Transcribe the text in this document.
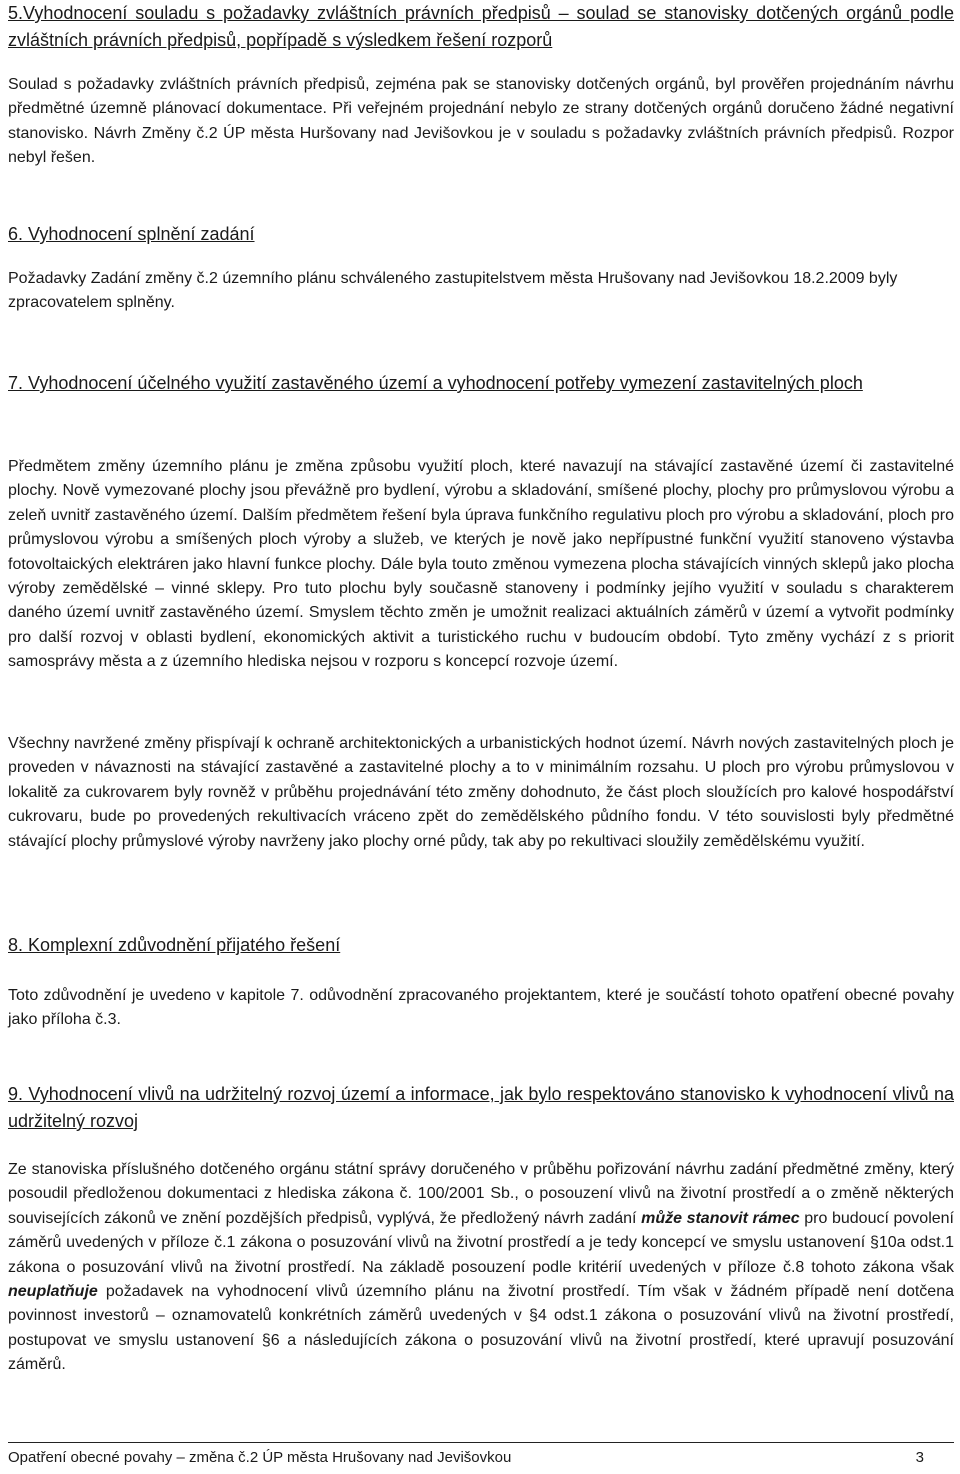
5.Vyhodnocení souladu s požadavky zvláštních právních předpisů – soulad se stanovisky dotčených orgánů podle zvláštních právních předpisů, popřípadě s výsledkem řešení rozporů

Soulad s požadavky zvláštních právních předpisů, zejména pak se stanovisky dotčených orgánů, byl prověřen projednáním návrhu předmětné územně plánovací dokumentace. Při veřejném projednání nebylo ze strany dotčených orgánů doručeno žádné negativní stanovisko. Návrh Změny č.2 ÚP města Huršovany nad Jevišovkou je v souladu s požadavky zvláštních právních předpisů. Rozpor nebyl řešen.

6. Vyhodnocení splnění zadání

Požadavky Zadání změny č.2 územního plánu schváleného zastupitelstvem města Hrušovany nad Jevišovkou 18.2.2009 byly zpracovatelem splněny.

7. Vyhodnocení účelného využití zastavěného území a vyhodnocení potřeby vymezení zastavitelných ploch

Předmětem změny územního plánu je změna způsobu využití ploch, které navazují na stávající zastavěné území či zastavitelné plochy. Nově vymezované plochy jsou převážně pro bydlení, výrobu a skladování, smíšené plochy, plochy pro průmyslovou výrobu a zeleň uvnitř zastavěného území. Dalším předmětem řešení byla úprava funkčního regulativu ploch pro výrobu a skladování, ploch pro průmyslovou výrobu a smíšených ploch výroby a služeb, ve kterých je nově jako nepřípustné funkční využití stanoveno výstavba fotovoltaických elektráren jako hlavní funkce plochy. Dále byla touto změnou vymezena plocha stávajících vinných sklepů jako plocha výroby zemědělské – vinné sklepy. Pro tuto plochu byly současně stanoveny i podmínky jejího využití v souladu s charakterem daného území uvnitř zastavěného území. Smyslem těchto změn je umožnit realizaci aktuálních záměrů v území a vytvořit podmínky pro další rozvoj v oblasti bydlení, ekonomických aktivit a turistického ruchu v budoucím období. Tyto změny vychází z s priorit samosprávy města a z územního hlediska nejsou v rozporu s koncepcí rozvoje území.

Všechny navržené změny přispívají k ochraně architektonických a urbanistických hodnot území. Návrh nových zastavitelných ploch je proveden v návaznosti na stávající zastavěné a zastavitelné plochy a to v minimálním rozsahu. U ploch pro výrobu průmyslovou v lokalitě za cukrovarem byly rovněž v průběhu projednávání této změny dohodnuto, že část ploch sloužících pro kalové hospodářství cukrovaru, bude po provedených rekultivacích vráceno zpět do zemědělského půdního fondu. V této souvislosti byly předmětné stávající plochy průmyslové výroby navrženy jako plochy orné půdy, tak aby po rekultivaci sloužily zemědělskému využití.

8. Komplexní zdůvodnění přijatého řešení

Toto zdůvodnění je uvedeno v kapitole 7. odůvodnění zpracovaného projektantem, které je součástí tohoto opatření obecné povahy jako příloha č.3.

9. Vyhodnocení vlivů na udržitelný rozvoj území a informace, jak bylo respektováno stanovisko k vyhodnocení vlivů na udržitelný rozvoj

Ze stanoviska příslušného dotčeného orgánu státní správy doručeného v průběhu pořizování návrhu zadání předmětné změny, který posoudil předloženou dokumentaci z hlediska zákona č. 100/2001 Sb., o posouzení vlivů na životní prostředí a o změně některých souvisejících zákonů ve znění pozdějších předpisů, vyplývá, že předložený návrh zadání může stanovit rámec pro budoucí povolení záměrů uvedených v příloze č.1 zákona o posuzování vlivů na životní prostředí a je tedy koncepcí ve smyslu ustanovení §10a odst.1 zákona o posuzování vlivů na životní prostředí. Na základě posouzení podle kritérií uvedených v příloze č.8 tohoto zákona však neuplatňuje požadavek na vyhodnocení vlivů územního plánu na životní prostředí. Tím však v žádném případě není dotčena povinnost investorů – oznamovatelů konkrétních záměrů uvedených v §4 odst.1 zákona o posuzování vlivů na životní prostředí, postupovat ve smyslu ustanovení §6 a následujících zákona o posuzování vlivů na životní prostředí, které upravují posuzování záměrů.

Opatření obecné povahy – změna č.2 ÚP města Hrušovany nad Jevišovkou	3
